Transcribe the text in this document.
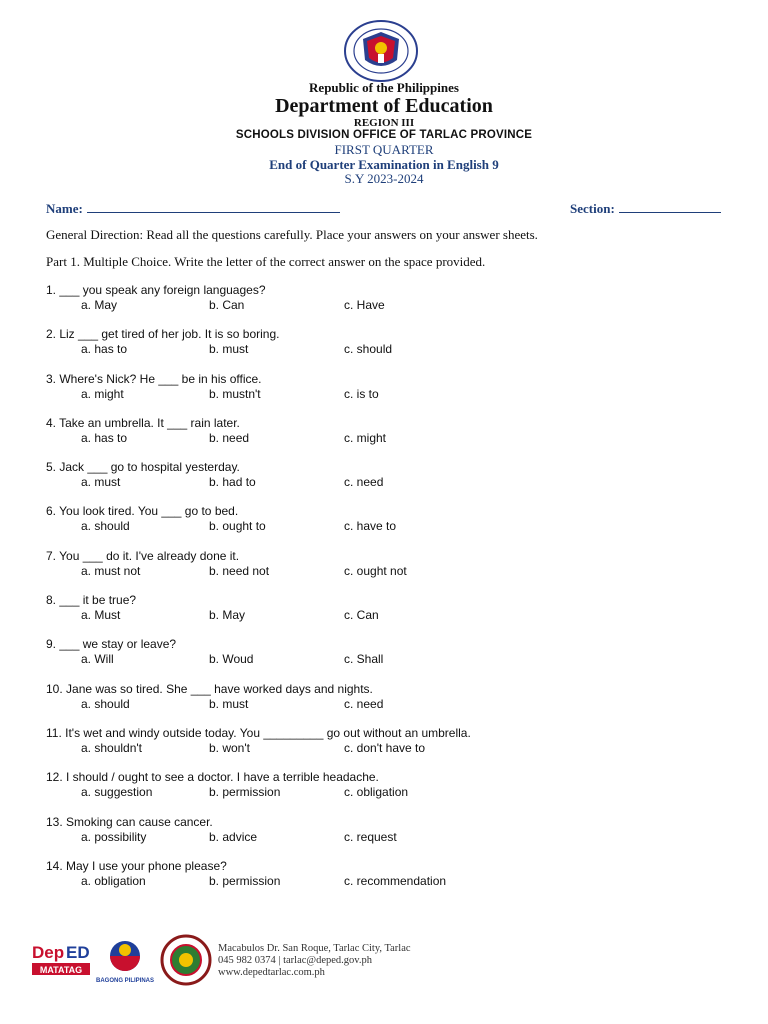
Republic of the Philippines
Department of Education
REGION III
SCHOOLS DIVISION OFFICE OF TARLAC PROVINCE
FIRST QUARTER
End of Quarter Examination in English 9
S.Y 2023-2024
Name:	Section:
General Direction: Read all the questions carefully. Place your answers on your answer sheets.
Part 1. Multiple Choice. Write the letter of the correct answer on the space provided.
1. ___ you speak any foreign languages?
a. May	b. Can	c. Have
2. Liz ___ get tired of her job. It is so boring.
a. has to	b. must	c. should
3. Where's Nick? He ___ be in his office.
a. might	b. mustn't	c. is to
4. Take an umbrella. It ___ rain later.
a. has to	b. need	c. might
5. Jack ___ go to hospital yesterday.
a. must	b. had to	c. need
6. You look tired. You ___ go to bed.
a. should	b. ought to	c. have to
7. You ___ do it. I've already done it.
a. must not	b. need not	c. ought not
8. ___ it be true?
a. Must	b. May	c. Can
9. ___ we stay or leave?
a. Will	b. Woud	c. Shall
10. Jane was so tired. She ___ have worked days and nights.
a. should	b. must	c. need
11. It's wet and windy outside today. You _________ go out without an umbrella.
a. shouldn't	b. won't	c. don't have to
12. I should / ought to see a doctor. I have a terrible headache.
a. suggestion	b. permission	c. obligation
13. Smoking can cause cancer.
a. possibility	b. advice	c. request
14. May I use your phone please?
a. obligation	b. permission	c. recommendation
Dep ED
MATATAG
BAGONG PILIPINAS
Macabulos Dr. San Roque, Tarlac City, Tarlac
045 982 0374 | tarlac@deped.gov.ph
www.depedtarlac.com.ph
